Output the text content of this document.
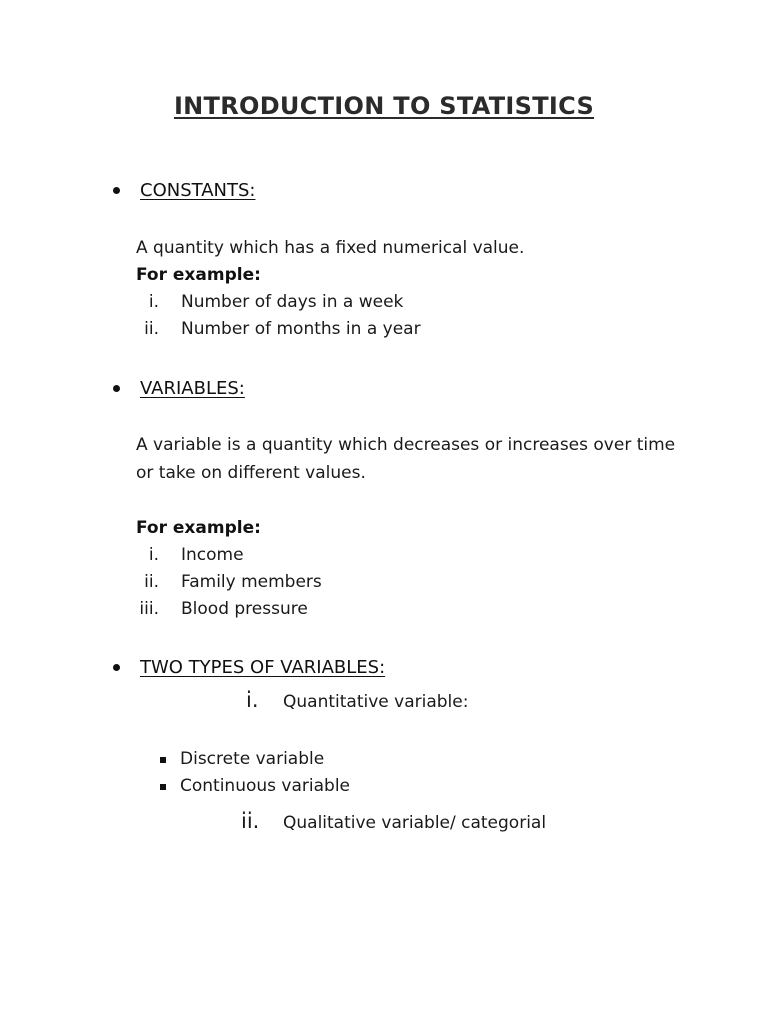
INTRODUCTION TO STATISTICS
CONSTANTS:
A quantity which has a fixed numerical value.
For example:
i. Number of days in a week
ii. Number of months in a year
VARIABLES:
A variable is a quantity which decreases or increases over time or take on different values.
For example:
i. Income
ii. Family members
iii. Blood pressure
TWO TYPES OF VARIABLES:
i. Quantitative variable:
Discrete variable
Continuous variable
ii. Qualitative variable/ categorial
